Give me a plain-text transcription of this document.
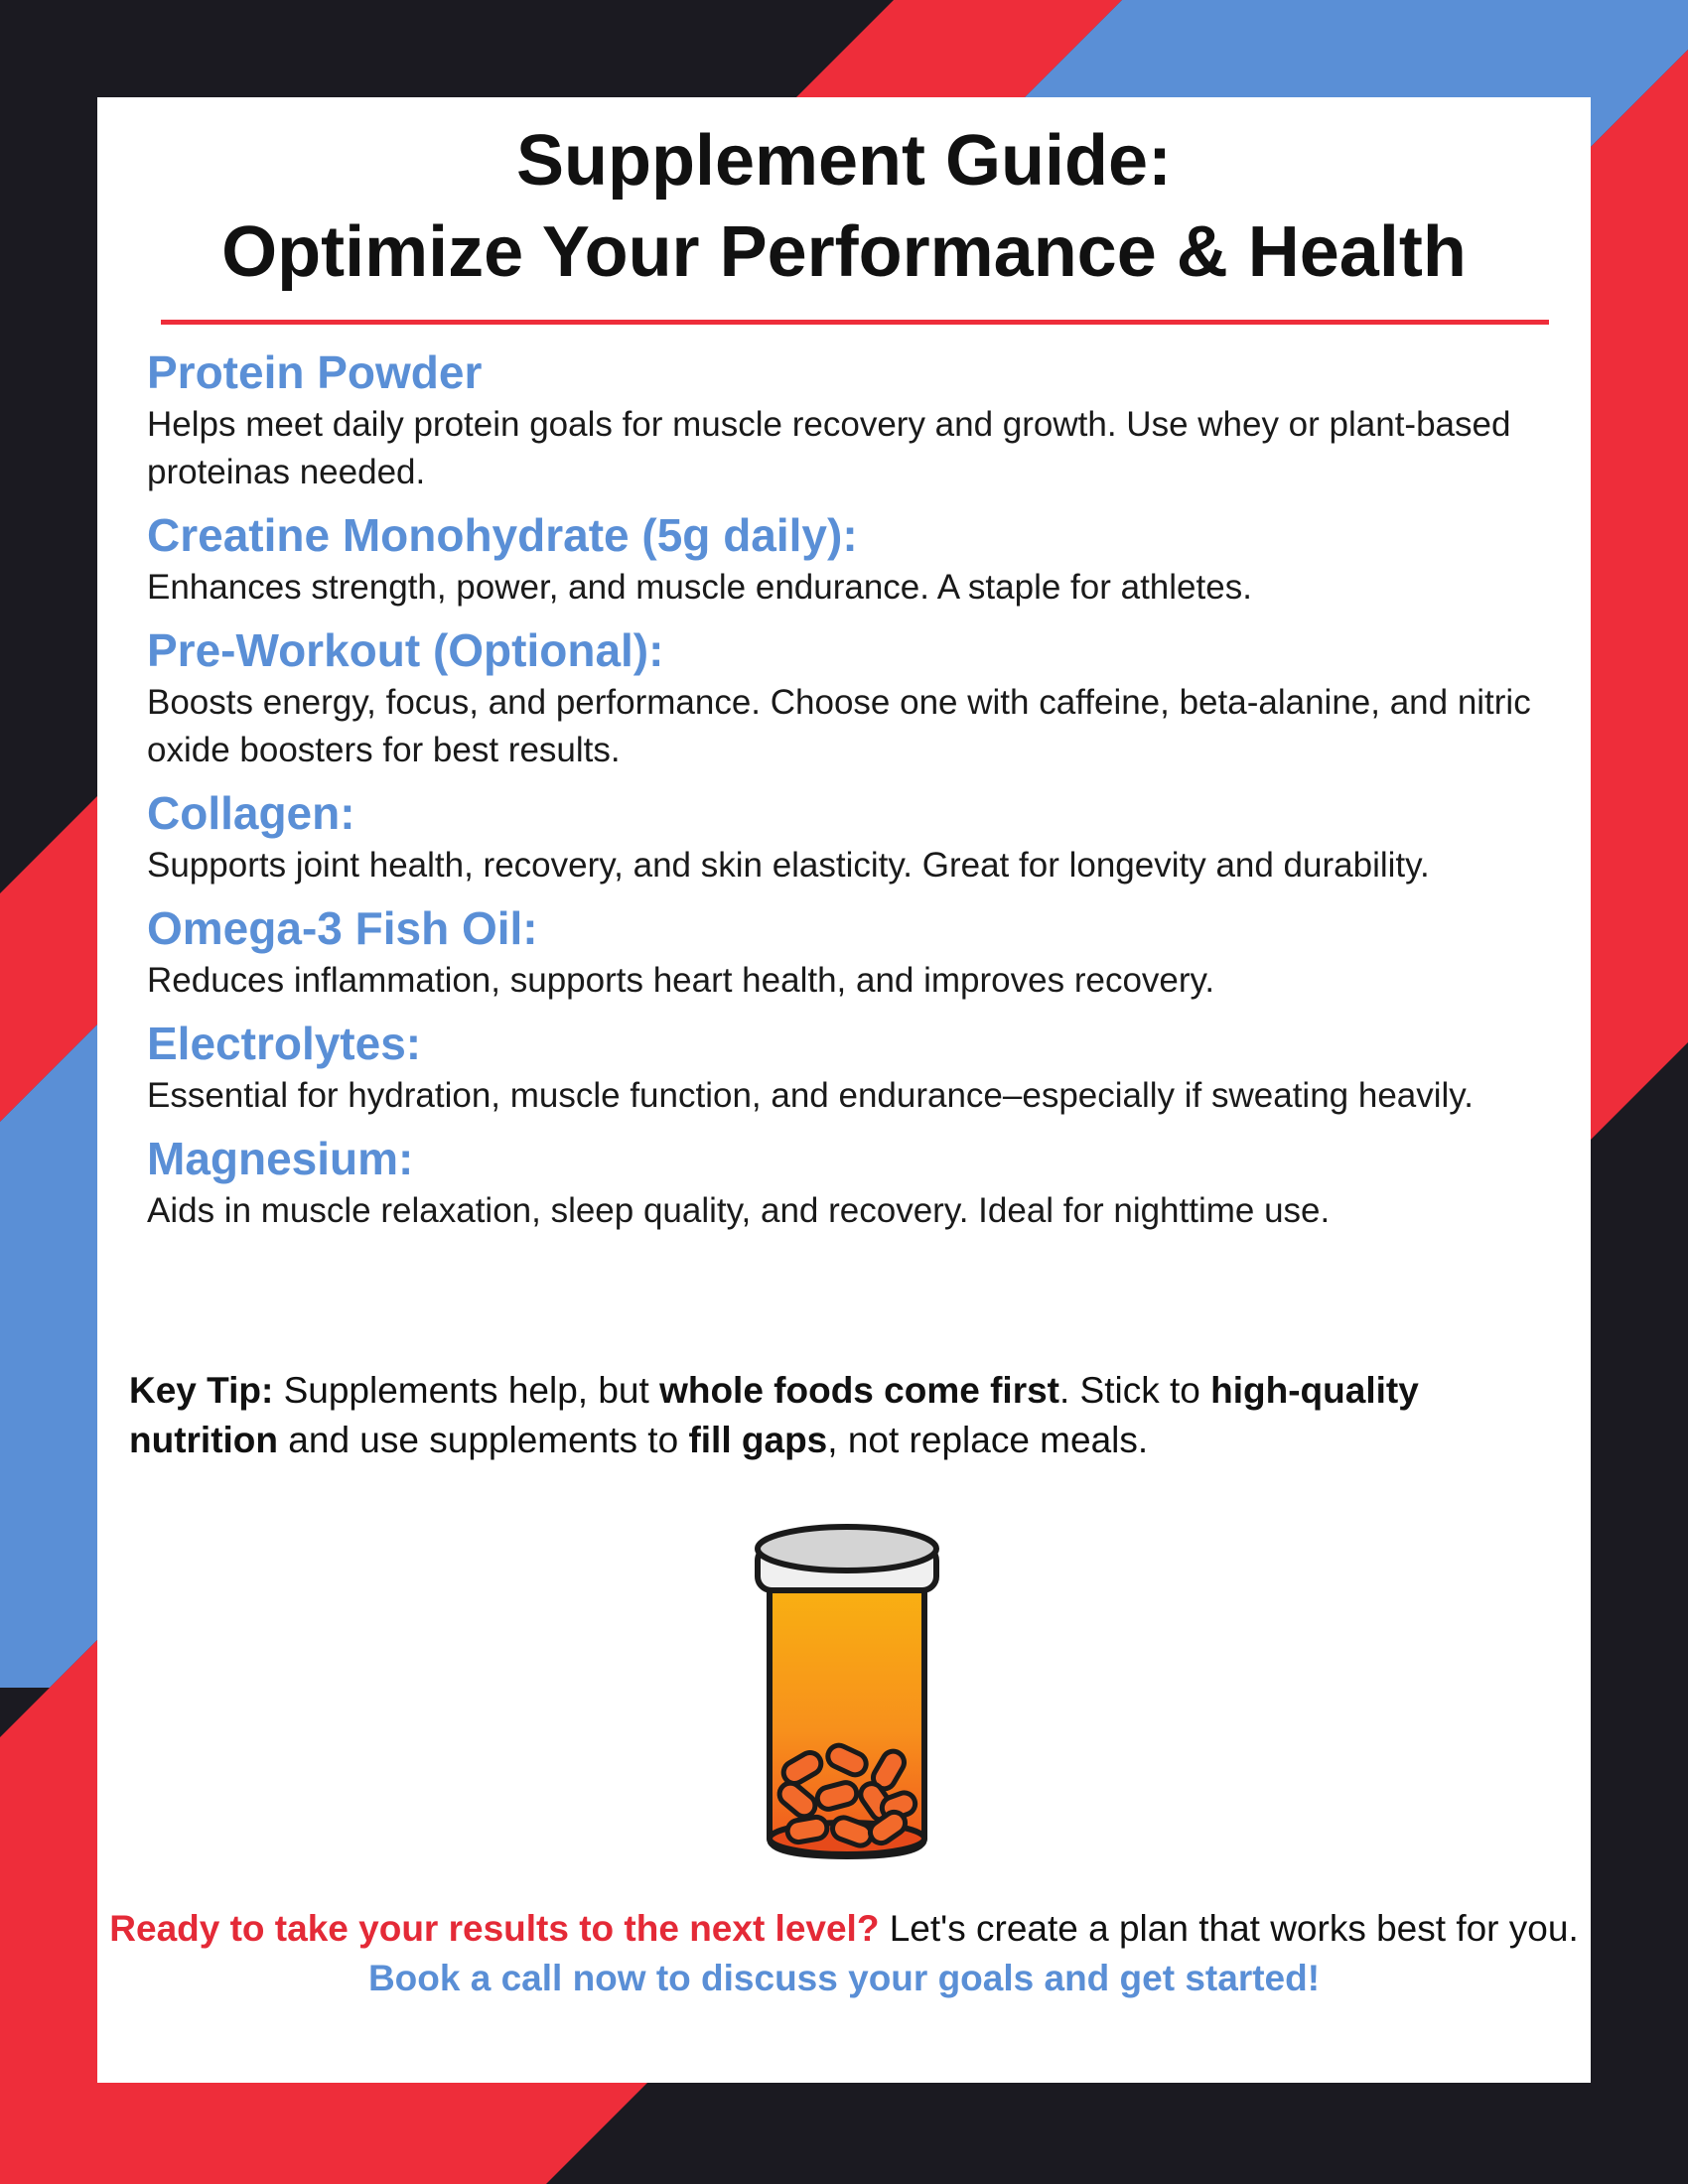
Supplement Guide:
Optimize Your Performance & Health
Protein Powder
Helps meet daily protein goals for muscle recovery and growth. Use whey or plant-based proteinas needed.
Creatine Monohydrate (5g daily):
Enhances strength, power, and muscle endurance. A staple for athletes.
Pre-Workout (Optional):
Boosts energy, focus, and performance. Choose one with caffeine, beta-alanine, and nitric oxide boosters for best results.
Collagen:
Supports joint health, recovery, and skin elasticity. Great for longevity and durability.
Omega-3 Fish Oil:
Reduces inflammation, supports heart health, and improves recovery.
Electrolytes:
Essential for hydration, muscle function, and endurance–especially if sweating heavily.
Magnesium:
Aids in muscle relaxation, sleep quality, and recovery. Ideal for nighttime use.

Key Tip: Supplements help, but whole foods come first. Stick to high-quality nutrition and use supplements to fill gaps, not replace meals.

Ready to take your results to the next level? Let's create a plan that works best for you. Book a call now to discuss your goals and get started!
